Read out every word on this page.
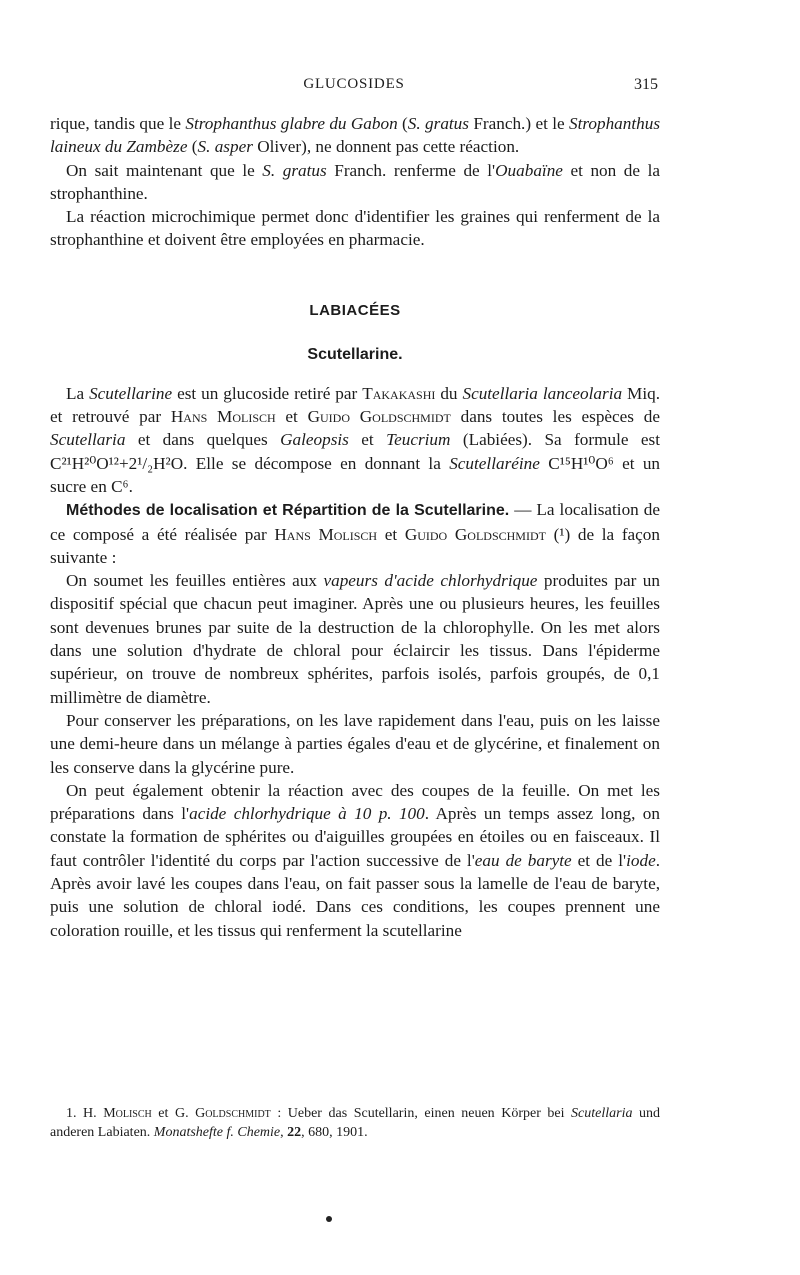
GLUCOSIDES	315

rique, tandis que le Strophanthus glabre du Gabon (S. gratus Franch.) et le Strophanthus laineux du Zambèze (S. asper Oliver), ne donnent pas cette réaction.

On sait maintenant que le S. gratus Franch. renferme de l'Ouabaïne et non de la strophanthine.

La réaction microchimique permet donc d'identifier les graines qui renferment de la strophanthine et doivent être employées en pharmacie.

LABIACÉES
Scutellarine.

La Scutellarine est un glucoside retiré par Takakashi du Scutellaria lanceolaria Miq. et retrouvé par Hans Molisch et Guido Goldschmidt dans toutes les espèces de Scutellaria et dans quelques Galeopsis et Teucrium (Labiées). Sa formule est C²¹H²⁰O¹²+2¹/₂H²O. Elle se décompose en donnant la Scutellaréine C¹⁵H¹⁰O⁶ et un sucre en C⁶.

Méthodes de localisation et Répartition de la Scutellarine. — La localisation de ce composé a été réalisée par Hans Molisch et Guido Goldschmidt (¹) de la façon suivante :

On soumet les feuilles entières aux vapeurs d'acide chlorhydrique produites par un dispositif spécial que chacun peut imaginer. Après une ou plusieurs heures, les feuilles sont devenues brunes par suite de la destruction de la chlorophylle. On les met alors dans une solution d'hydrate de chloral pour éclaircir les tissus. Dans l'épiderme supérieur, on trouve de nombreux sphérites, parfois isolés, parfois groupés, de 0,1 millimètre de diamètre.

Pour conserver les préparations, on les lave rapidement dans l'eau, puis on les laisse une demi-heure dans un mélange à parties égales d'eau et de glycérine, et finalement on les conserve dans la glycérine pure.

On peut également obtenir la réaction avec des coupes de la feuille. On met les préparations dans l'acide chlorhydrique à 10 p. 100. Après un temps assez long, on constate la formation de sphérites ou d'aiguilles groupées en étoiles ou en faisceaux. Il faut contrôler l'identité du corps par l'action successive de l'eau de baryte et de l'iode. Après avoir lavé les coupes dans l'eau, on fait passer sous la lamelle de l'eau de baryte, puis une solution de chloral iodé. Dans ces conditions, les coupes prennent une coloration rouille, et les tissus qui renferment la scutellarine

1. H. Molisch et G. Goldschmidt : Ueber das Scutellarin, einen neuen Körper bei Scutellaria und anderen Labiaten. Monatshefte f. Chemie, 22, 680, 1901.
